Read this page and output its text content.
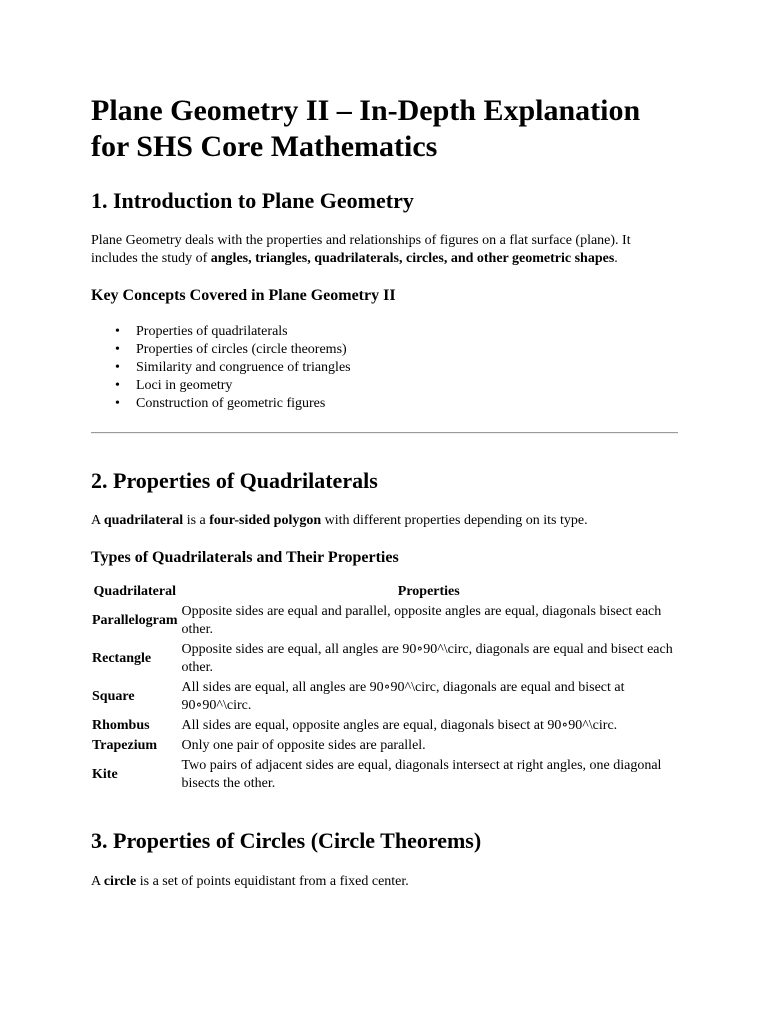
Plane Geometry II – In-Depth Explanation for SHS Core Mathematics
1. Introduction to Plane Geometry

Plane Geometry deals with the properties and relationships of figures on a flat surface (plane). It includes the study of angles, triangles, quadrilaterals, circles, and other geometric shapes.

Key Concepts Covered in Plane Geometry II
• Properties of quadrilaterals
• Properties of circles (circle theorems)
• Similarity and congruence of triangles
• Loci in geometry
• Construction of geometric figures
2. Properties of Quadrilaterals

A quadrilateral is a four-sided polygon with different properties depending on its type.

Types of Quadrilaterals and Their Properties
Quadrilateral	Properties
Parallelogram	Opposite sides are equal and parallel, opposite angles are equal, diagonals bisect each other.
Rectangle	Opposite sides are equal, all angles are 90∘90^\circ, diagonals are equal and bisect each other.
Square	All sides are equal, all angles are 90∘90^\circ, diagonals are equal and bisect at 90∘90^\circ.
Rhombus	All sides are equal, opposite angles are equal, diagonals bisect at 90∘90^\circ.
Trapezium	Only one pair of opposite sides are parallel.
Kite	Two pairs of adjacent sides are equal, diagonals intersect at right angles, one diagonal bisects the other.
3. Properties of Circles (Circle Theorems)

A circle is a set of points equidistant from a fixed center.
